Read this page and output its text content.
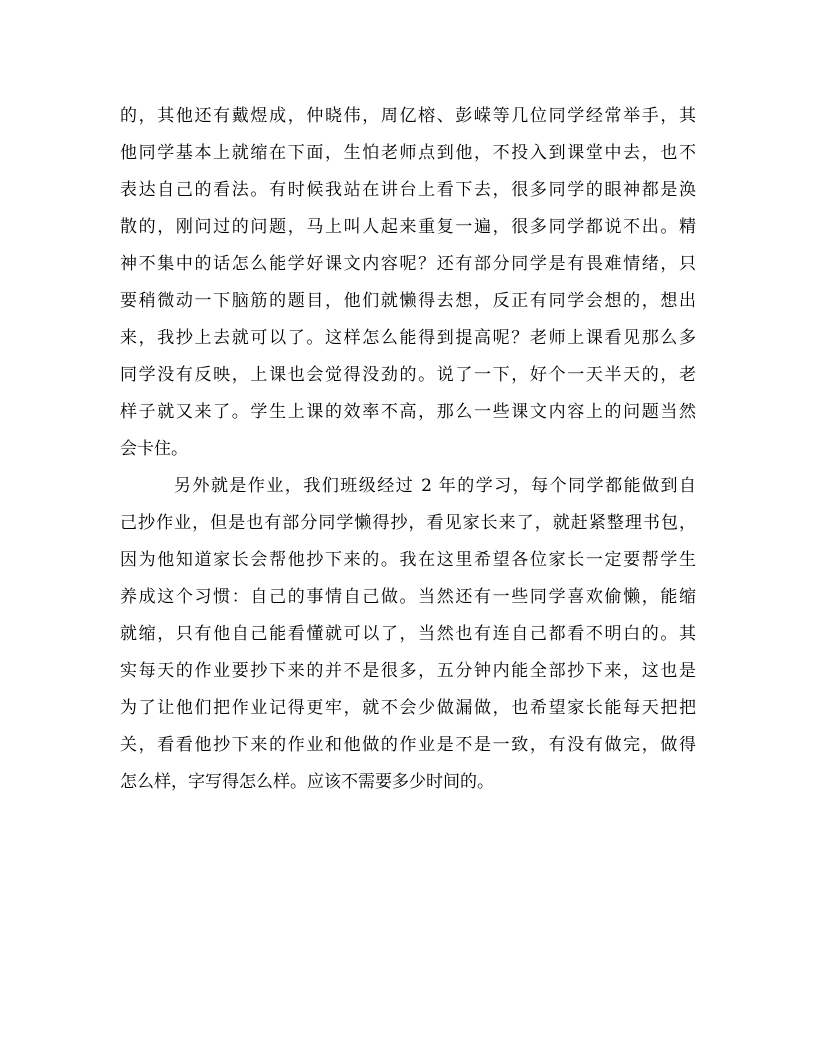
的，其他还有戴煜成，仲晓伟，周亿榕、彭嵘等几位同学经常举手，其
他同学基本上就缩在下面，生怕老师点到他，不投入到课堂中去，也不
表达自己的看法。有时候我站在讲台上看下去，很多同学的眼神都是涣
散的，刚问过的问题，马上叫人起来重复一遍，很多同学都说不出。精
神不集中的话怎么能学好课文内容呢？还有部分同学是有畏难情绪，只
要稍微动一下脑筋的题目，他们就懒得去想，反正有同学会想的，想出
来，我抄上去就可以了。这样怎么能得到提高呢？老师上课看见那么多
同学没有反映，上课也会觉得没劲的。说了一下，好个一天半天的，老
样子就又来了。学生上课的效率不高，那么一些课文内容上的问题当然
会卡住。
另外就是作业，我们班级经过 2 年的学习，每个同学都能做到自
己抄作业，但是也有部分同学懒得抄，看见家长来了，就赶紧整理书包，
因为他知道家长会帮他抄下来的。我在这里希望各位家长一定要帮学生
养成这个习惯：自己的事情自己做。当然还有一些同学喜欢偷懒，能缩
就缩，只有他自己能看懂就可以了，当然也有连自己都看不明白的。其
实每天的作业要抄下来的并不是很多，五分钟内能全部抄下来，这也是
为了让他们把作业记得更牢，就不会少做漏做，也希望家长能每天把把
关，看看他抄下来的作业和他做的作业是不是一致，有没有做完，做得
怎么样，字写得怎么样。应该不需要多少时间的。
